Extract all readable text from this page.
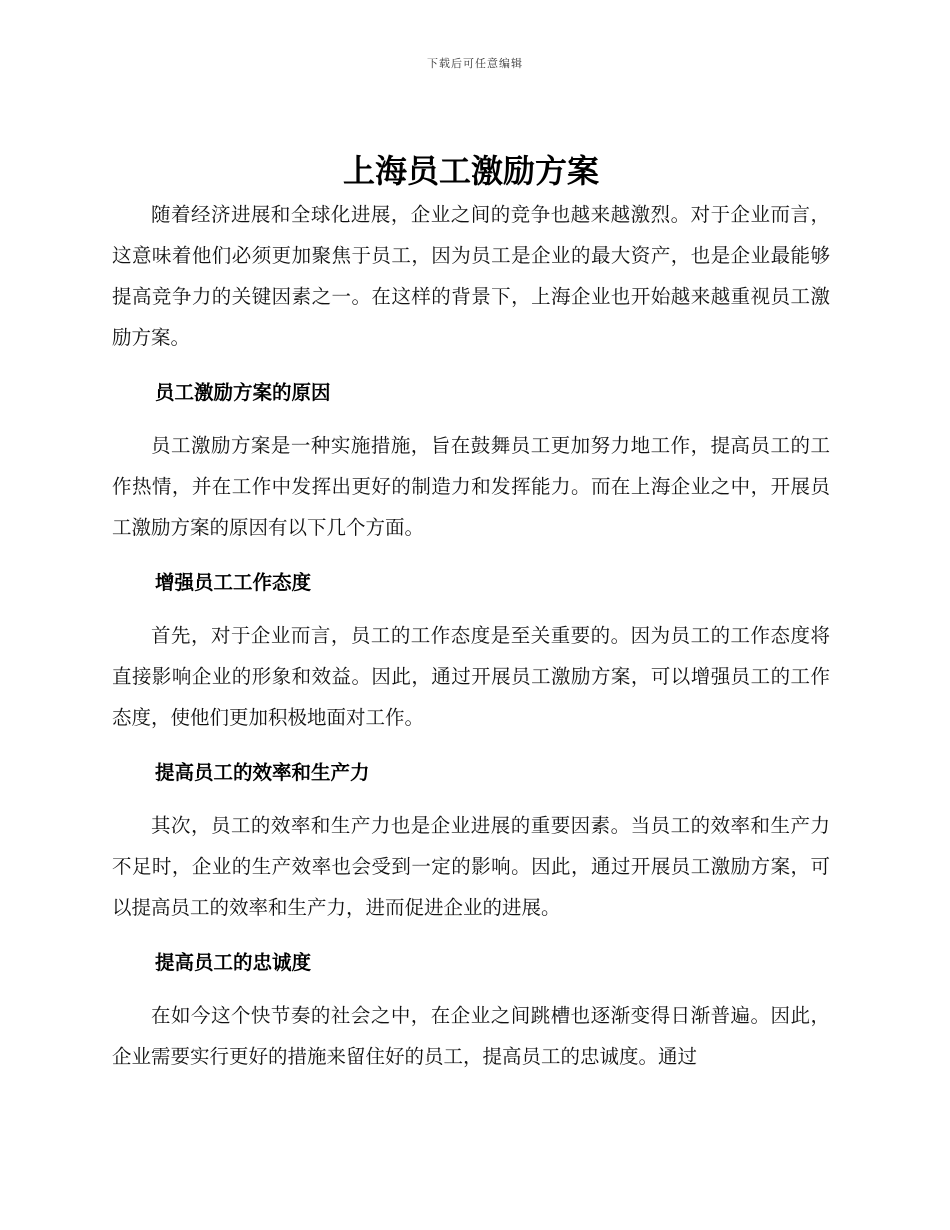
下载后可任意编辑
上海员工激励方案

随着经济进展和全球化进展，企业之间的竞争也越来越激烈。对于企业而言，这意味着他们必须更加聚焦于员工，因为员工是企业的最大资产，也是企业最能够提高竞争力的关键因素之一。在这样的背景下，上海企业也开始越来越重视员工激励方案。

员工激励方案的原因

员工激励方案是一种实施措施，旨在鼓舞员工更加努力地工作，提高员工的工作热情，并在工作中发挥出更好的制造力和发挥能力。而在上海企业之中，开展员工激励方案的原因有以下几个方面。

增强员工工作态度

首先，对于企业而言，员工的工作态度是至关重要的。因为员工的工作态度将直接影响企业的形象和效益。因此，通过开展员工激励方案，可以增强员工的工作态度，使他们更加积极地面对工作。

提高员工的效率和生产力

其次，员工的效率和生产力也是企业进展的重要因素。当员工的效率和生产力不足时，企业的生产效率也会受到一定的影响。因此，通过开展员工激励方案，可以提高员工的效率和生产力，进而促进企业的进展。

提高员工的忠诚度

在如今这个快节奏的社会之中，在企业之间跳槽也逐渐变得日渐普遍。因此，企业需要实行更好的措施来留住好的员工，提高员工的忠诚度。通过
